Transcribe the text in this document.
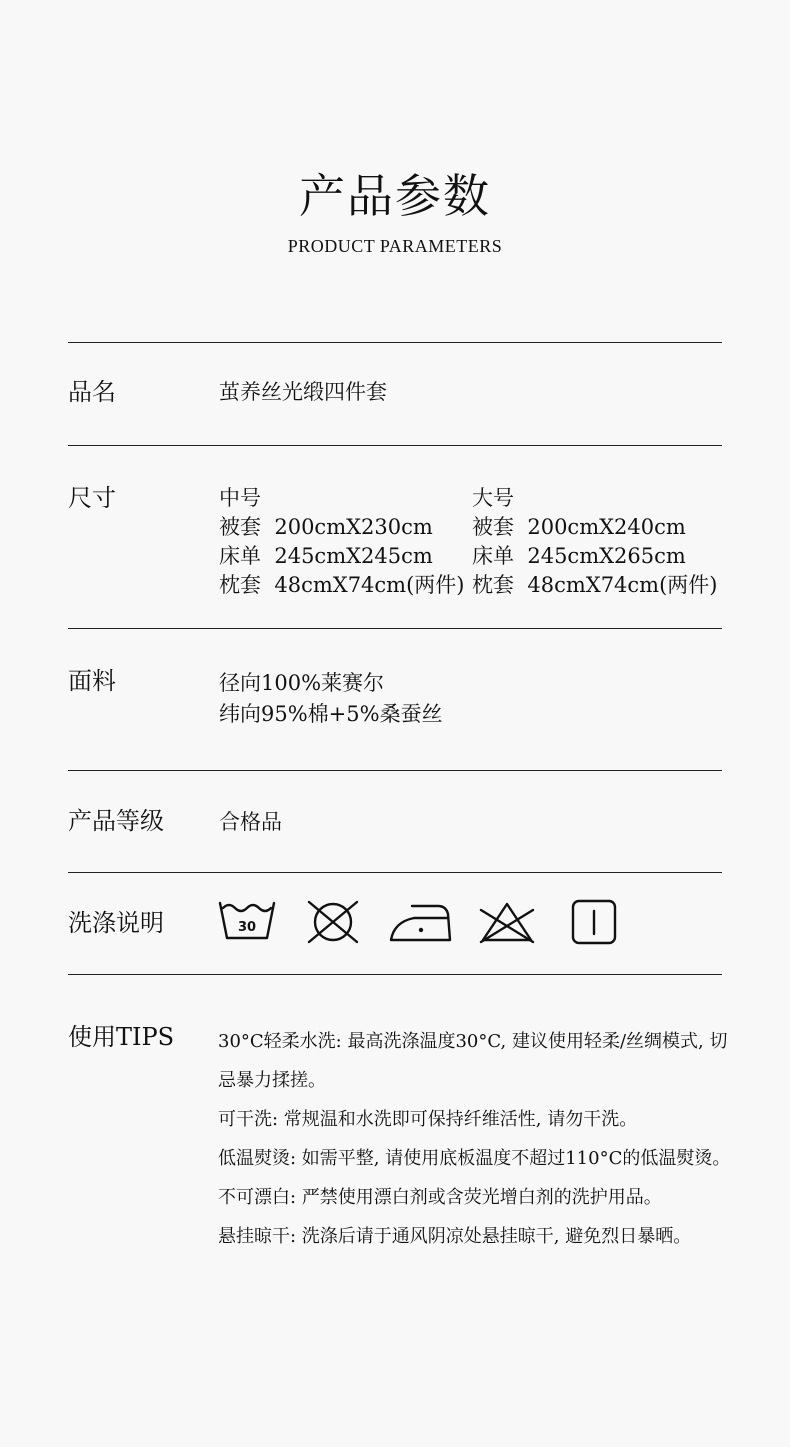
产品参数
PRODUCT PARAMETERS
品名	茧养丝光缎四件套
尺寸	中号
被套  200cmX230cm
床单  245cmX245cm
枕套  48cmX74cm(两件)
大号
被套  200cmX240cm
床单  245cmX265cm
枕套  48cmX74cm(两件)
面料	径向100%莱赛尔
纬向95%棉+5%桑蚕丝
产品等级	合格品
洗涤说明	30
使用TIPS 30°C轻柔水洗: 最高洗涤温度30°C, 建议使用轻柔/丝绸模式, 切忌暴力揉搓。

可干洗: 常规温和水洗即可保持纤维活性, 请勿干洗。

低温熨烫: 如需平整, 请使用底板温度不超过110°C的低温熨烫。

不可漂白: 严禁使用漂白剂或含荧光增白剂的洗护用品。

悬挂晾干: 洗涤后请于通风阴凉处悬挂晾干, 避免烈日暴晒。
